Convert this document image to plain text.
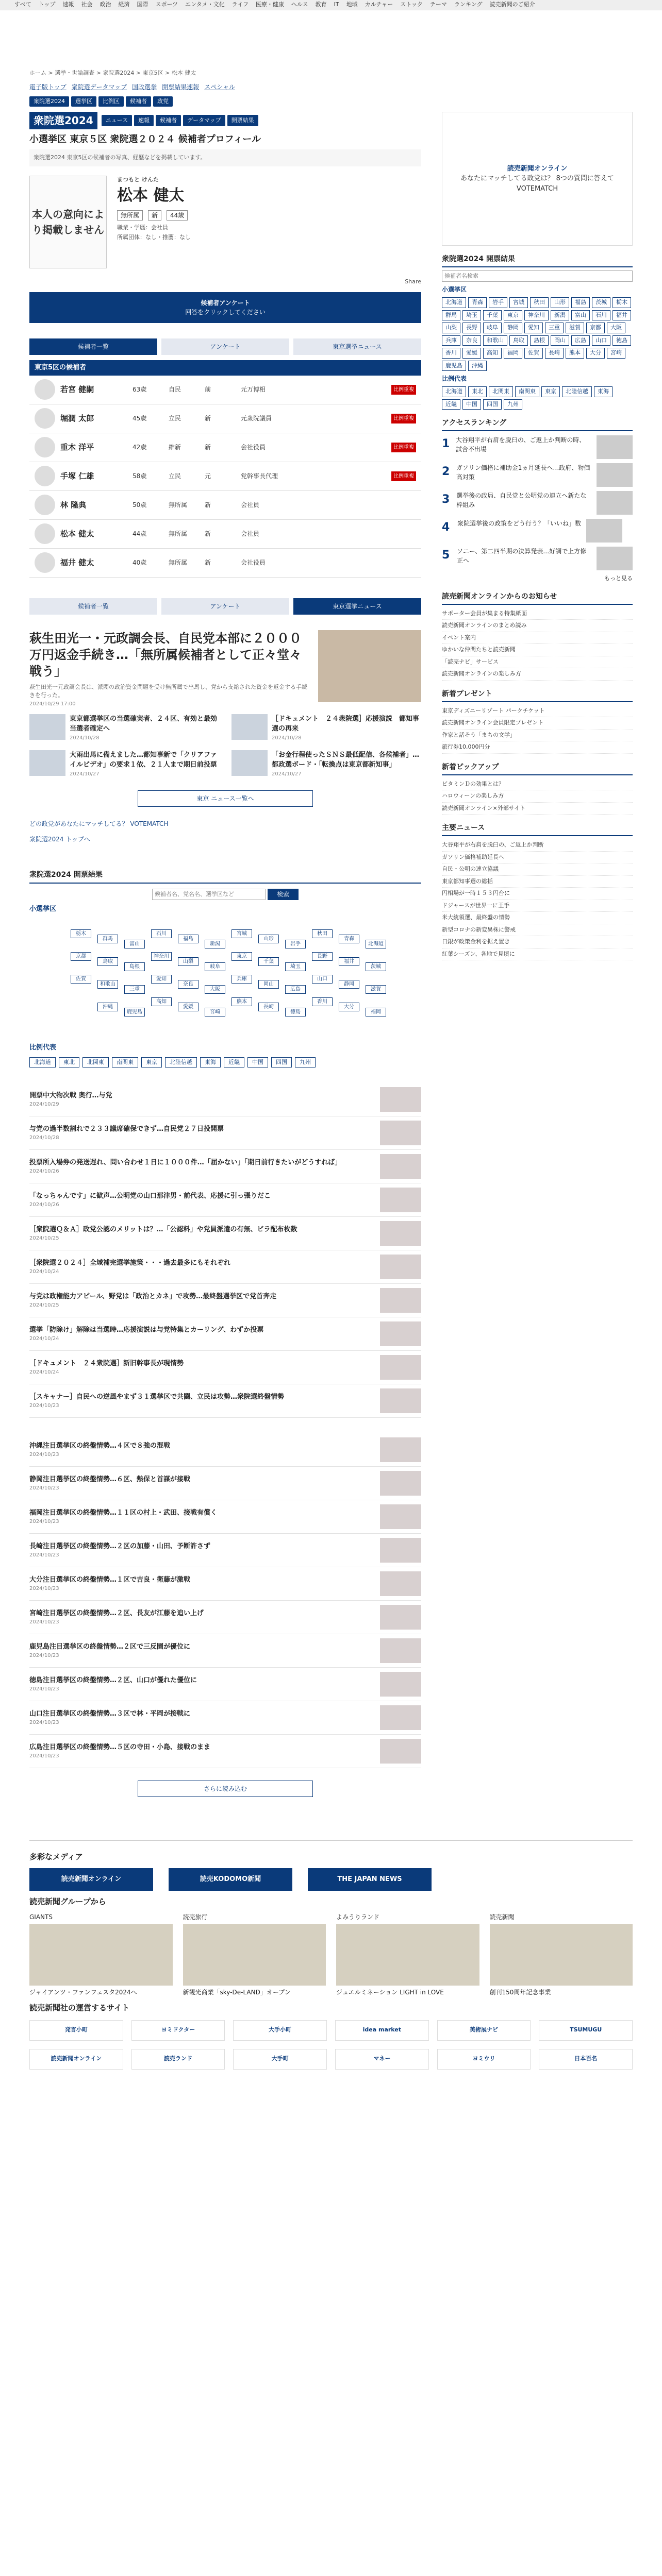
すべて トップ 速報 社会 政治 経済 国際 スポーツ エンタメ・文化 ライフ 医療・健康 ヘルス 教育 IT 地域 カルチャー ストック テーマ ランキング 読売新聞のご紹介
ホーム > 選挙・世論調査 > 衆院選2024 > 東京5区 > 松本 健太
電子版トップ 衆院選データマップ 国政選挙 開票結果速報 スペシャル
衆院選2024	選挙区	比例区	候補者	政党
衆院選2024	ニュース	速報	候補者	データマップ	開票結果
小選挙区 東京５区 衆院選２０２４ 候補者プロフィール
衆院選2024 東京5区の候補者の写真、経歴などを掲載しています。
本人の意向により掲載しません
まつもと けんた
松本 健太
無所属	新	44歳
職業・学歴：会社員
所属団体：なし・推薦：なし
Share
候補者アンケート
回答をクリックしてください
候補者一覧	アンケート	東京選挙ニュース
東京5区の候補者
若宮 健嗣	63歳	自民	前	元万博相	比例重複
堀潤 太郎	45歳	立民	新	元衆院議員	比例重複
重木 洋平	42歳	維新	新	会社役員	比例重複
手塚 仁雄	58歳	立民	元	党幹事長代理	比例重複
林 隆典	50歳	無所属	新	会社員
松本 健太	44歳	無所属	新	会社員
福井 健太	40歳	無所属	新	会社役員
候補者一覧	アンケート	東京選挙ニュース
萩生田光一・元政調会長、自民党本部に２０００万円返金手続き…「無所属候補者として正々堂々戦う」
萩生田光一元政調会長は、派閥の政治資金問題を受け無所属で出馬し、党から支給された資金を返金する手続きを行った。
2024/10/29 17:00
東京都選挙区の当選確実者、２４区、有効と最効当選者確定へ
2024/10/28
［ドキュメント　２４衆院選］応援演説　都知事選の再来
2024/10/28
大雨出馬に備えました…都知事新で「クリアファイルビデオ」の要求１依、２１人まで期日前投票
2024/10/27
「お金行程使ったＳＮＳ最低配信、各候補者」…都政選ボード・「転換点は東京都新知事」
2024/10/27
東京 ニュース一覧へ
どの政党があなたにマッチしてる？ VOTEMATCH
衆院選2024 トップへ
衆院選2024 開票結果
候補者名、党名名、選挙区など
検索
小選挙区
北海道
青森
秋田
岩手
山形
宮城
新潟
福島
石川
富山
群馬
栃木
茨城
福井
長野
埼玉
千葉
東京
岐阜
山梨
神奈川
島根
鳥取
京都
滋賀
静岡
山口
広島
岡山
兵庫
大阪
奈良
愛知
三重
和歌山
佐賀
福岡
大分
香川
徳島
長崎
熊本
宮崎
愛媛
高知
鹿児島
沖縄
比例代表
北海道	東北	北関東	南関東	東京	北陸信越	東海	近畿	中国	四国	九州
開票中大物次戦 奥行…与党
2024/10/29
与党の過半数割れで２３３議席確保できず…自民党２７日投開票
2024/10/28
投票所入場券の発送遅れ、問い合わせ１日に１０００件…「届かない」「期日前行きたいがどうすれば」
2024/10/26
「なっちゃんです」に歓声…公明党の山口那津男・前代表、応援に引っ張りだこ
2024/10/26
［衆院選Ｑ＆Ａ］政党公認のメリットは？…「公認料」や党員派遣の有無、ビラ配布枚数
2024/10/25
［衆院選２０２４］全域補完選挙施策・・・過去最多にもそれぞれ
2024/10/24
与党は政権能力アピール、野党は「政治とカネ」で攻勢…最終盤選挙区で党首奔走
2024/10/25
選挙「防除け」解除は当選時…応援演説は与党特集とカーリング、わずか投票
2024/10/24
［ドキュメント　２４衆院選］新旧幹事長が現情勢
2024/10/24
［スキャナー］自民への逆風やまず３１選挙区で共闘、立民は攻勢…衆院選終盤情勢
2024/10/23
沖縄注目選挙区の終盤情勢…４区で８強の混戦
2024/10/23
静岡注目選挙区の終盤情勢…６区、熱保と首謀が接戦
2024/10/23
福岡注目選挙区の終盤情勢…１１区の村上・武田、接戦有償く
2024/10/23
長崎注目選挙区の終盤情勢…２区の加藤・山田、予断許さず
2024/10/23
大分注目選挙区の終盤情勢…１区で吉良・衛藤が激戦
2024/10/23
宮崎注目選挙区の終盤情勢…２区、長友が江藤を追い上げ
2024/10/23
鹿児島注目選挙区の終盤情勢…２区で三反園が優位に
2024/10/23
徳島注目選挙区の終盤情勢…２区、山口が優れた優位に
2024/10/23
山口注目選挙区の終盤情勢…３区で林・平岡が接戦に
2024/10/23
広島注目選挙区の終盤情勢…５区の寺田・小島、接戦のまま
2024/10/23
さらに読み込む
読売新聞オンライン
あなたにマッチしてる政党は？ 8つの質問に答えてVOTEMATCH
衆院選2024 開票結果
候補者名検索
小選挙区
北海道	青森	岩手	宮城	秋田	山形	福島	茨城	栃木
群馬	埼玉	千葉	東京	神奈川	新潟	富山	石川	福井
山梨	長野	岐阜	静岡	愛知	三重	滋賀	京都	大阪
兵庫	奈良	和歌山	鳥取	島根	岡山	広島	山口	徳島
香川	愛媛	高知	福岡	佐賀	長崎	熊本	大分	宮崎
鹿児島	沖縄
比例代表
北海道	東北	北関東	南関東	東京	北陸信越	東海
近畿	中国	四国	九州
アクセスランキング
1 大谷翔平が右肩を脱臼の、ご返上か判断の時、試合不出場
2 ガソリン価格に補助金1ヵ月延長へ…政府、物価高対策
3 選挙後の政局、自民党と公明党の連立へ新たな枠組み
4	衆院選挙後の政策をどう行う？「いいね」数
5	ソニー、第二四半期の決算発表…好調で上方修正へ
もっと見る
読売新聞オンラインからのお知らせ
サポーター会員が集まる特集紙面
読売新聞オンラインのまとめ読み
イベント案内
ゆかいな仲間たちと読売新聞
「読売ナビ」サービス
読売新聞オンラインの楽しみ方
新着プレゼント
東京ディズニーリゾート パークチケット
読売新聞オンライン会員限定プレゼント
作家と話そう「まちの文学」
旅行券10,000円分
新着ピックアップ
ビタミンＤの効果とは？
ハロウィーンの楽しみ方
読売新聞オンライン×外部サイト
主要ニュース
大谷翔平が右肩を脱臼の、ご返上か判断
ガソリン価格補助延長へ
自民・公明の連立協議
東京都知事選の総括
円相場が一時１５３円台に
ドジャースが世界一に王手
米大統領選、最終盤の情勢
新型コロナの新変異株に警戒
日銀が政策金利を据え置き
紅葉シーズン、各地で見頃に
多彩なメディア
読売新聞オンライン	読売KODOMO新聞	THE JAPAN NEWS
読売新聞グループから
GIANTS
ジャイアンツ・ファンフェスタ2024へ
読売旅行
新観光商業「sky-De-LAND」オープン
よみうりランド
ジュエルミネーション LIGHT in LOVE
読売新聞
創刊150周年記念事業
読売新聞社の運営するサイト
発言小町	ヨミドクター	大手小町	idea market	美術展ナビ	TSUMUGU
読売新聞オンライン	読売ランド	大手町	マネー	ヨミウリ	日本百名
